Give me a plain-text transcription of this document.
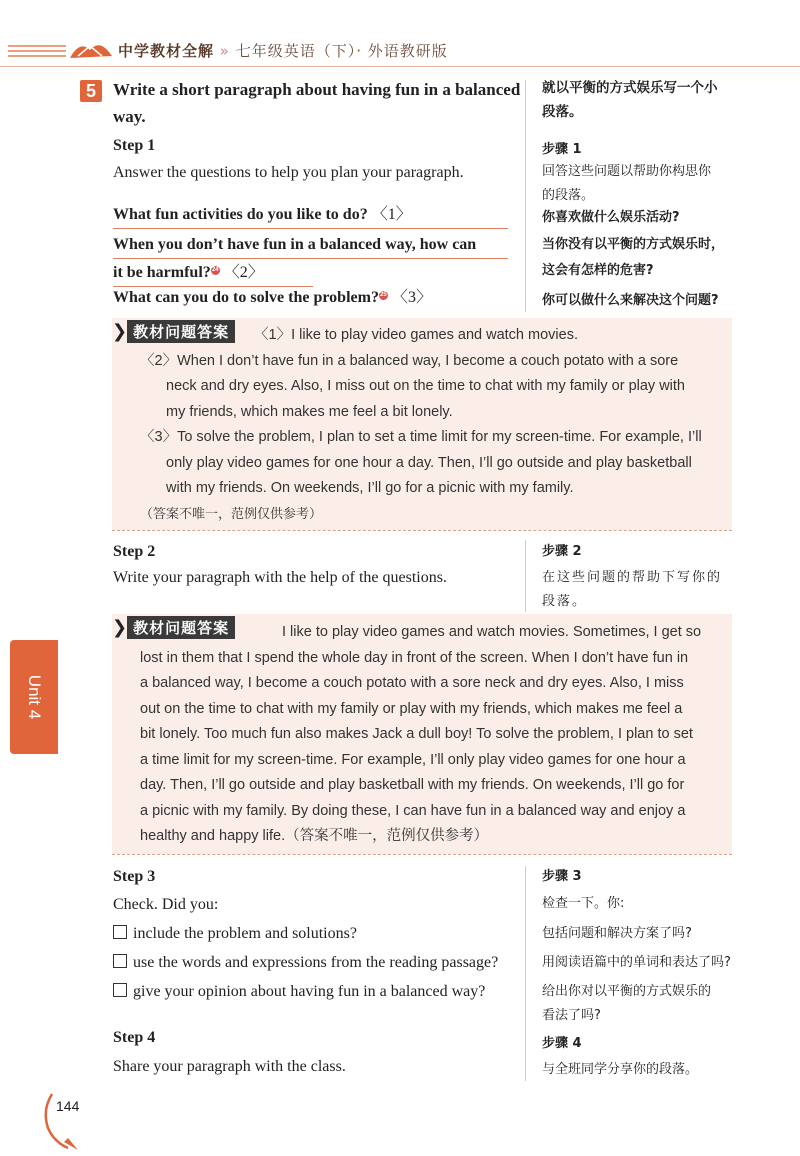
中学教材全解 » 七年级英语（下）· 外语教研版
5	Write a short paragraph about having fun in a balanced
way.
就以平衡的方式娱乐写一个小
段落。
Step 1	步骤 1
Answer the questions to help you plan your paragraph.	回答这些问题以帮助你构思你
的段落。
What fun activities do you like to do? 〈1〉	你喜欢做什么娱乐活动?
When you don’t have fun in a balanced way, how can
it be harmful?24 〈2〉
当你没有以平衡的方式娱乐时，
这会有怎样的危害?
What can you do to solve the problem?25 〈3〉	你可以做什么来解决这个问题?
❯ 教材问题答案	〈1〉I like to play video games and watch movies.
〈2〉When I don’t have fun in a balanced way, I become a couch potato with a sore
neck and dry eyes. Also, I miss out on the time to chat with my family or play with
my friends, which makes me feel a bit lonely.
〈3〉To solve the problem, I plan to set a time limit for my screen-time. For example, I’ll
only play video games for one hour a day. Then, I’ll go outside and play basketball
with my friends. On weekends, I’ll go for a picnic with my family.
（答案不唯一，范例仅供参考）
Step 2	步骤 2
Write your paragraph with the help of the questions.	在这些问题的帮助下写你的
段落。
❯ 教材问题答案	I like to play video games and watch movies. Sometimes, I get so
lost in them that I spend the whole day in front of the screen. When I don’t have fun in
a balanced way, I become a couch potato with a sore neck and dry eyes. Also, I miss
out on the time to chat with my family or play with my friends, which makes me feel a
bit lonely. Too much fun also makes Jack a dull boy! To solve the problem, I plan to set
a time limit for my screen-time. For example, I’ll only play video games for one hour a
day. Then, I’ll go outside and play basketball with my friends. On weekends, I’ll go for
a picnic with my family. By doing these, I can have fun in a balanced way and enjoy a
healthy and happy life.（答案不唯一，范例仅供参考）
Step 3	步骤 3
Check. Did you:	检查一下。你:
include the problem and solutions?	包括问题和解决方案了吗?
use the words and expressions from the reading passage?	用阅读语篇中的单词和表达了吗?
give your opinion about having fun in a balanced way?	给出你对以平衡的方式娱乐的
看法了吗?
Step 4	步骤 4
Share your paragraph with the class.	与全班同学分享你的段落。
Unit 4
144
